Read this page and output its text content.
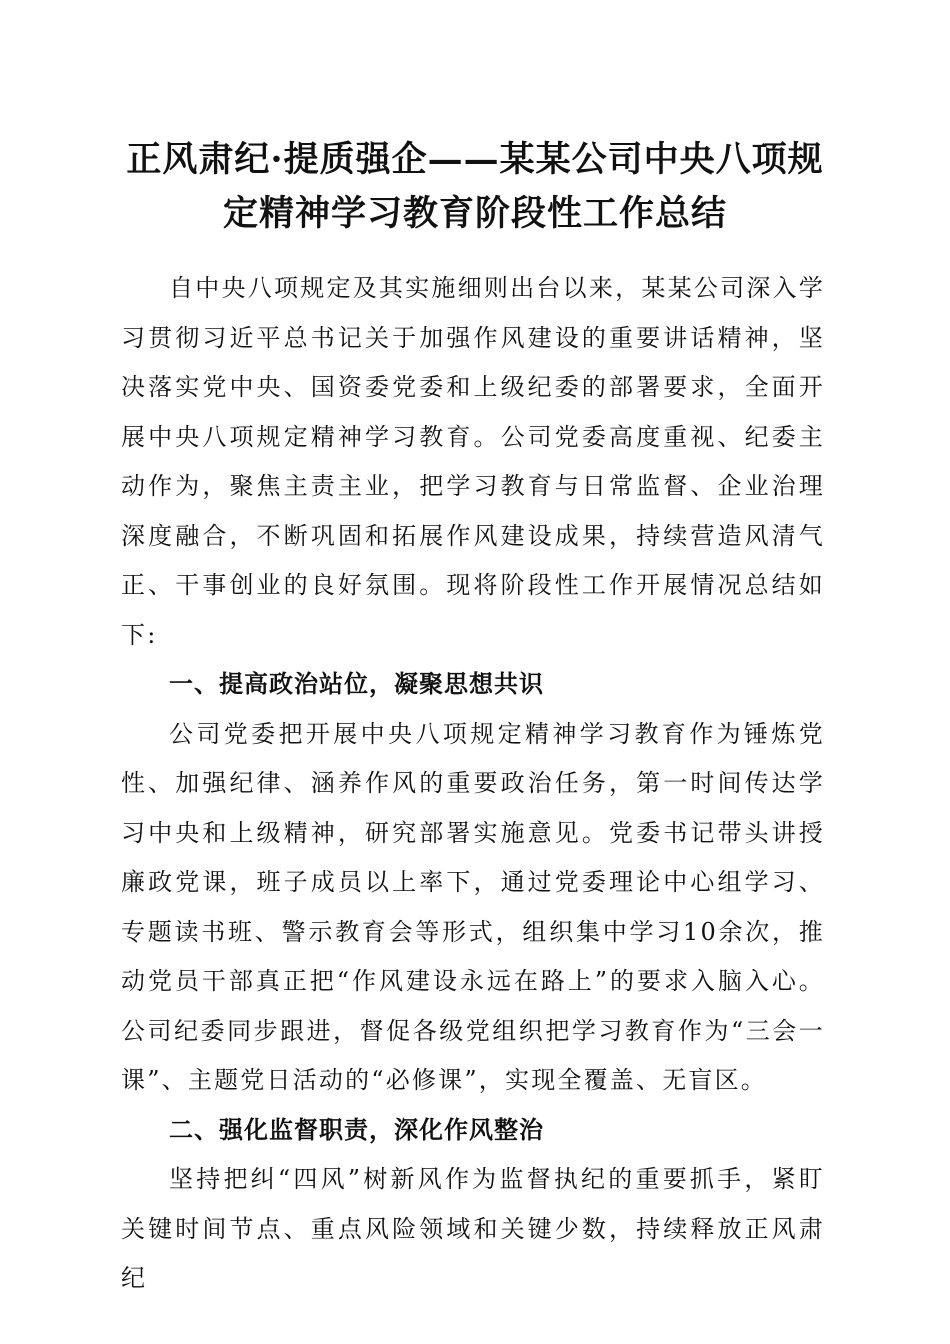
正风肃纪·提质强企——某某公司中央八项规
定精神学习教育阶段性工作总结

自中央八项规定及其实施细则出台以来，某某公司深入学习贯彻习近平总书记关于加强作风建设的重要讲话精神，坚决落实党中央、国资委党委和上级纪委的部署要求，全面开展中央八项规定精神学习教育。公司党委高度重视、纪委主动作为，聚焦主责主业，把学习教育与日常监督、企业治理深度融合，不断巩固和拓展作风建设成果，持续营造风清气正、干事创业的良好氛围。现将阶段性工作开展情况总结如下:

一、提高政治站位，凝聚思想共识

公司党委把开展中央八项规定精神学习教育作为锤炼党性、加强纪律、涵养作风的重要政治任务，第一时间传达学习中央和上级精神，研究部署实施意见。党委书记带头讲授廉政党课，班子成员以上率下，通过党委理论中心组学习、专题读书班、警示教育会等形式，组织集中学习10余次，推动党员干部真正把“作风建设永远在路上”的要求入脑入心。公司纪委同步跟进，督促各级党组织把学习教育作为“三会一课”、主题党日活动的“必修课”，实现全覆盖、无盲区。

二、强化监督职责，深化作风整治

坚持把纠“四风”树新风作为监督执纪的重要抓手，紧盯关键时间节点、重点风险领域和关键少数，持续释放正风肃纪
